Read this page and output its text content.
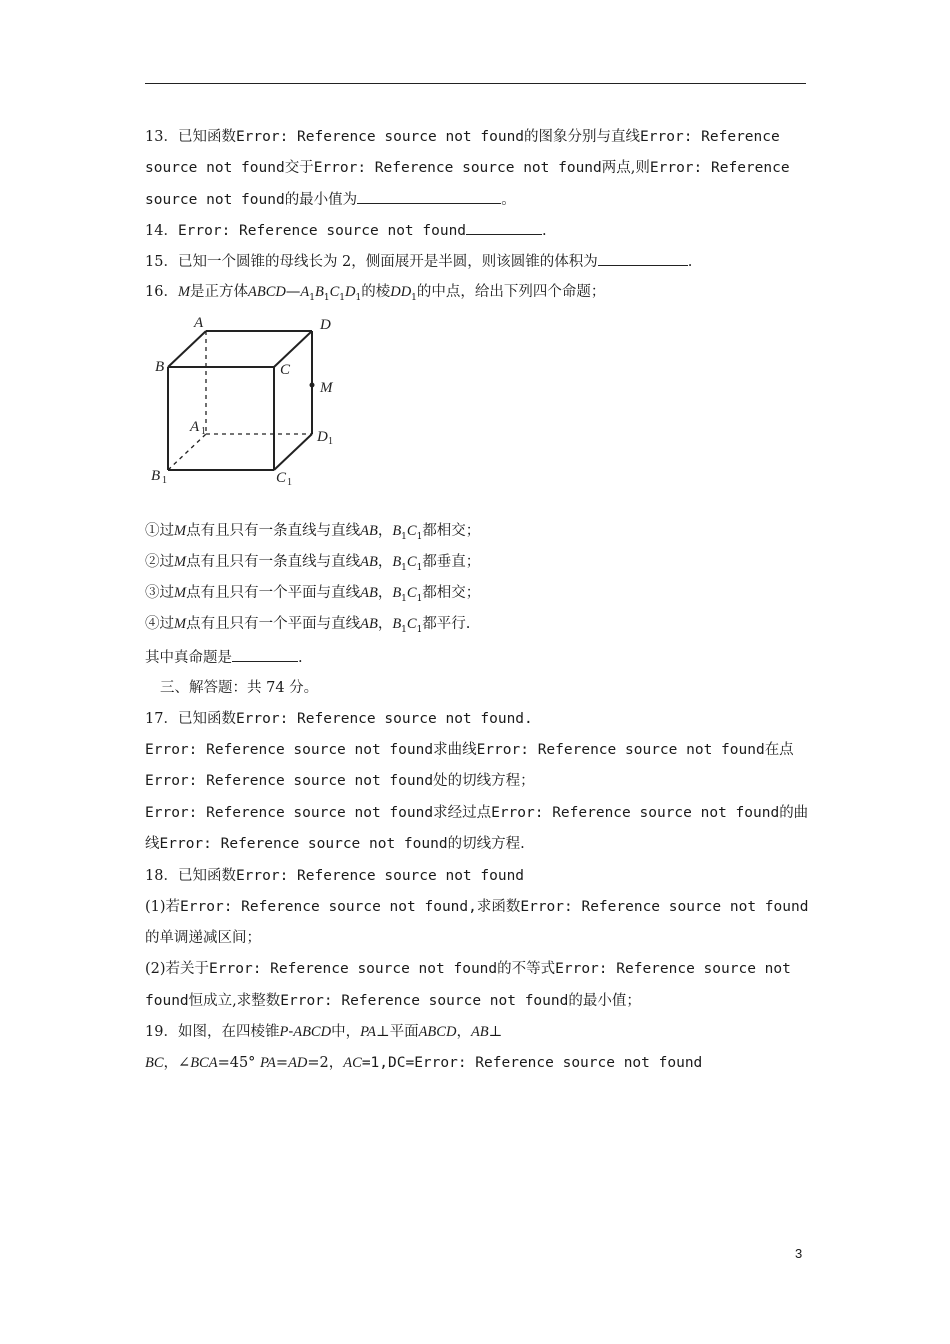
13．已知函数Error: Reference source not found的图象分别与直线Error: Reference
source not found交于Error: Reference source not found两点,则Error: Reference
source not found的最小值为	。
14．Error: Reference source not found	.
15．已知一个圆锥的母线长为 2，侧面展开是半圆，则该圆锥的体积为	.
16．M是正方体$ABCD—A_1B_1C_1D_1$的棱$DD_1$的中点，给出下列四个命题；
A	D
B	C
M
A
D
B	C
1
1
1	1
①过M点有且只有一条直线与直线AB，$B_1C_1$都相交；
②过M点有且只有一条直线与直线AB，$B_1C_1$都垂直；
③过M点有且只有一个平面与直线AB，$B_1C_1$都相交；
④过M点有且只有一个平面与直线AB，$B_1C_1$都平行.
其中真命题是	.
三、解答题：共 74 分。
17．已知函数Error: Reference source not found.
Error: Reference source not found求曲线Error: Reference source not found在点
Error: Reference source not found处的切线方程；
Error: Reference source not found求经过点Error: Reference source not found的曲
线Error: Reference source not found的切线方程.
18．已知函数Error: Reference source not found
(1)若Error: Reference source not found,求函数Error: Reference source not found
的单调递减区间；
(2)若关于Error: Reference source not found的不等式Error: Reference source not
found恒成立,求整数Error: Reference source not found的最小值；
19．如图，在四棱锥P-ABCD中，PA⊥平面ABCD，AB⊥
BC，∠BCA=45° PA=AD=2，AC=1,DC=Error: Reference source not found
3
